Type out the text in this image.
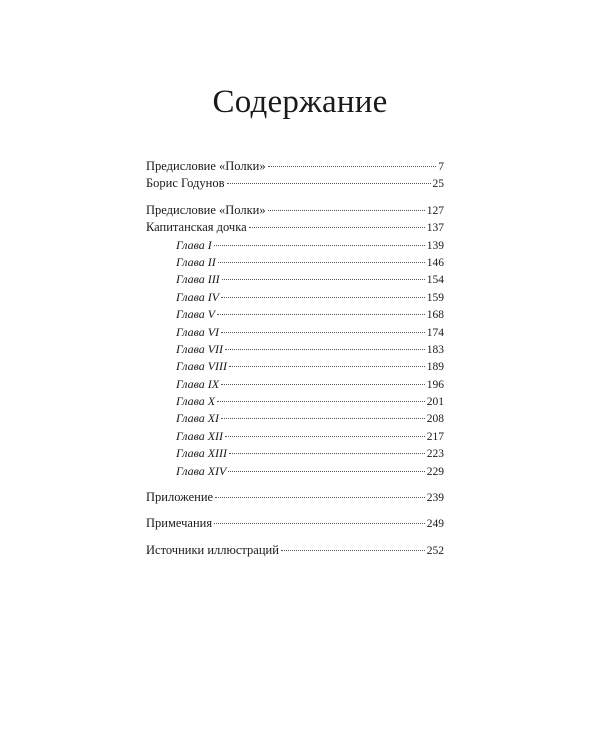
Содержание
Предисловие «Полки»	7
Борис Годунов	25
Предисловие «Полки»	127
Капитанская дочка	137
Глава I	139
Глава II	146
Глава III	154
Глава IV	159
Глава V	168
Глава VI	174
Глава VII	183
Глава VIII	189
Глава IX	196
Глава X	201
Глава XI	208
Глава XII	217
Глава XIII	223
Глава XIV	229
Приложение	239
Примечания	249
Источники иллюстраций	252
